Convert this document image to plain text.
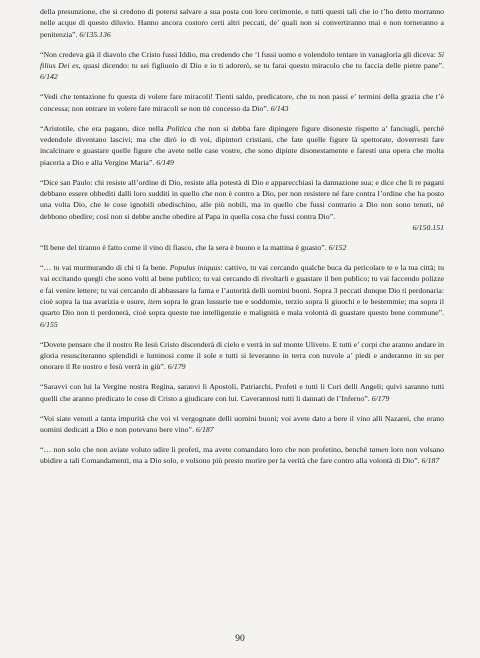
della presunzione, che si credono di potersi salvare a sua posta con loro cerimonie, e tutti questi tali che io t’ho detto morranno nelle acque di questo diluvio. Hanno ancora costoro certi altri peccati, de’ quali non si convertiranno mai e non torneranno a penitenzia”. 6/135.136

“Non credeva già il diavolo che Cristo fussi Iddio, ma credendo che ‘l fussi uomo e volendolo tentare in vanagloria gli diceva: Si filius Dei es, quasi dicendo: tu sei figliuolo di Dio e io ti adorerò, se tu farai questo miracolo che tu faccia delle pietre pane”. 6/142

“Vedi che tentazione fu questa di volere fare miracoli! Tienti saldo, predicatore, che tu non passi e’ termini della grazia che t’è concessa; non entrare in volere fare miracoli se non tiè concesso da Dio”. 6/143

“Aristotile, che era pagano, dice nella Politica che non si debba fare dipingere figure disoneste rispetto a’ fanciugli, perché vedendole diventano lascivi; ma che dirò io di voi, dipintori cristiani, che fate quelle figure là spettorate, doverresti fare incalcinare e guastare quelle figure che avete nelle case vostre, che sono dipinte disonestamente e farestí una opera che molta piaceria a Dio e alla Vergine Maria”. 6/149

“Dice san Paulo: chi resiste all’ordine di Dio, resiste alla potestà di Dio e apparecchiasi la dannazione sua; e dice che li re pagani debbano essere obbediti dalli loro sudditi in quello che non è contro a Dio, per non resistere né fare contra l’ordine che ha posto una volta Dio, che le cose ignobili obedischino, alle più nobili, ma in quello che fussi contrario a Dio non sono tenuti, né debbono obedire; così non si debbe anche obedire al Papa in quella cosa che fussi contra Dio”.
6/150.151

“Il bene del tiranno è fatto come il vino di fiasco, che la sera è buono e la mattina è guasto”. 6/152

“… tu vai murmurando di chi ti fa bene. Populus iniquus: cattivo, tu vai cercando qualche buca da pericolare te e la tua città; tu vai eccitando quegli che sono volti al bene publico; tu vai cercando di rivoltarli e guastare il ben publico; tu vai faccendo polizze e fai venire lettere; tu vai cercando di abbassare la fama e l’autorità delli uomini buoni. Sopra 3 peccati dunque Dio ti perdonaria: cioè sopra la tua avarizia e usure, item sopra le gran lussurie tue e soddomie, terzio sopra li giuochi e le bestemmie; ma sopra il quarto Dio non ti perdonerà, cioè sopra queste tue intelligenzie e malignità e mala volontà di guastare questo bene commune”. 6/155

“Dovete pensare che il nostro Re Iesù Cristo discenderà di cielo e verrà in sul monte Uliveto. E tutti e’ corpi che aranno andare in gloria resusciteranno splendidi e luminosi come il sole e tutti si leveranno in terra con nuvole a’ piedi e anderanno in su per onorare il Re nostro e Iesù verrà in giù”. 6/179

“Saravvi con lui la Vergine nostra Regina, saranvi li Apostoli, Patriarchi, Profeti e tutti li Cori delli Angeli; quivi saranno tutti quelli che aranno predicato le cose di Cristo a giudicare con lui. Caverannosi tutti li dannati de l’Inferno”. 6/179

“Voi siate venuti a tanta impurità che voi vi vergognate delli uomini buoni; voi avete dato a bere il vino alli Nazarei, che erano uomini dedicati a Dio e non potevano bere vino”. 6/187

“… non solo che non aviate voluto udire li profeti, ma avete comandato loro che non profetino, benchè tamen loro non volsano ubidire a tali Comandamenti, ma a Dio solo, e volsono più presto morire per la verità che fare contro alla volontà di Dio”. 6/187

90
